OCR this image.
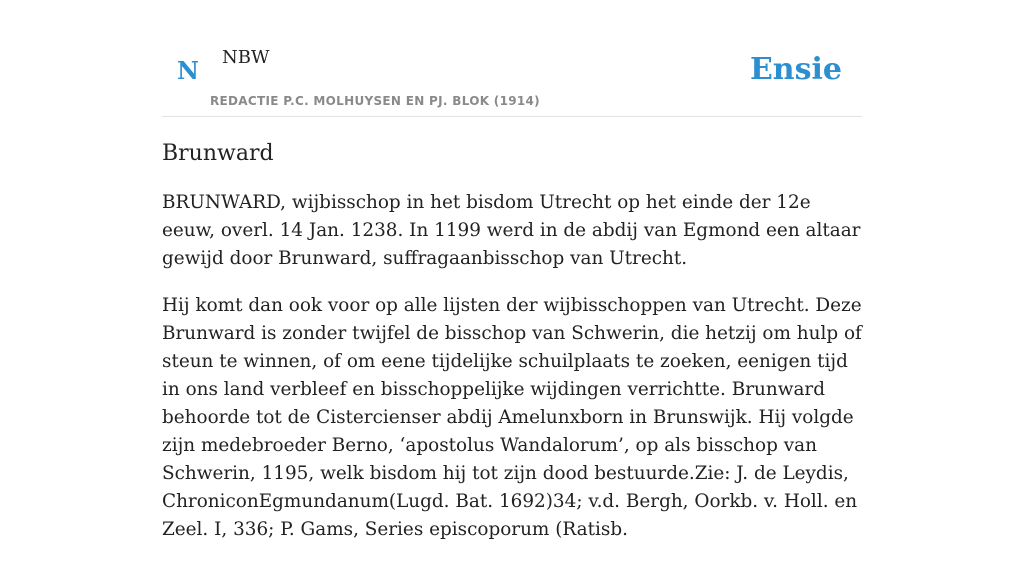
N NBW
REDACTIE P.C. MOLHUYSEN EN PJ. BLOK (1914)
Ensie
Brunward

BRUNWARD, wijbisschop in het bisdom Utrecht op het einde der 12e eeuw, overl. 14 Jan. 1238. In 1199 werd in de abdij van Egmond een altaar gewijd door Brunward, suffragaanbisschop van Utrecht.

Hij komt dan ook voor op alle lijsten der wijbisschoppen van Utrecht. Deze Brunward is zonder twijfel de bisschop van Schwerin, die hetzij om hulp of steun te winnen, of om eene tijdelijke schuilplaats te zoeken, eenigen tijd in ons land verbleef en bisschoppelijke wijdingen verrichtte. Brunward behoorde tot de Cistercienser abdij Amelunxborn in Brunswijk. Hij volgde zijn medebroeder Berno, ‘apostolus Wandalorum’, op als bisschop van Schwerin, 1195, welk bisdom hij tot zijn dood bestuurde.Zie: J. de Leydis, ChroniconEgmundanum(Lugd. Bat. 1692)34; v.d. Bergh, Oorkb. v. Holl. en Zeel. I, 336; P. Gams, Series episcoporum (Ratisb.
